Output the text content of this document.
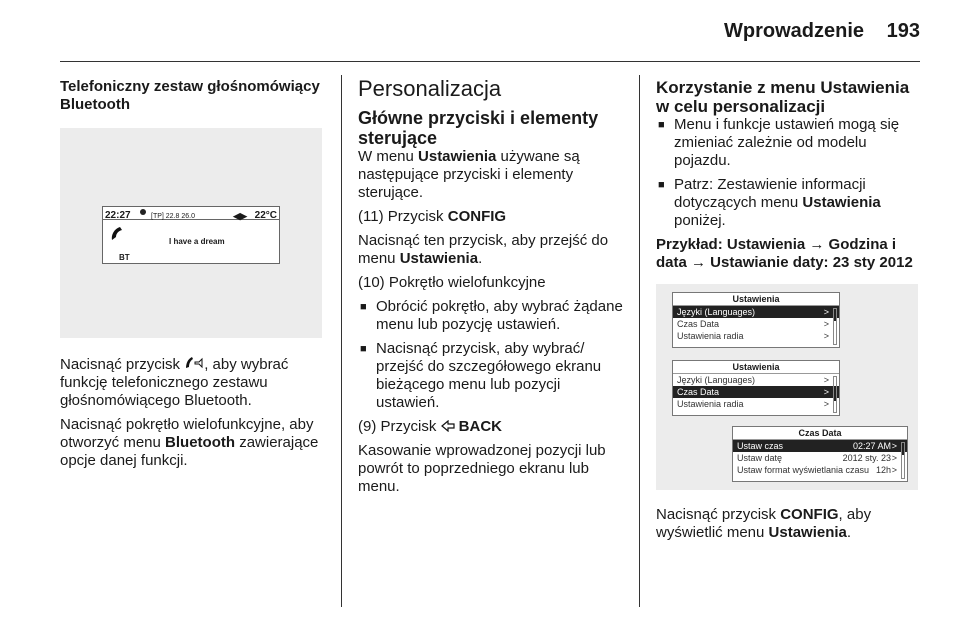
Wprowadzenie 193
Telefoniczny zestaw głośnomówiący Bluetooth
22:27	[TP] 22.8 26.0	◀▶ 22°C
BT
I have a dream

Nacisnąć przycisk , aby wybrać funkcję telefonicznego zestawu głośnomówiącego Bluetooth.

Nacisnąć pokrętło wielofunkcyjne, aby otworzyć menu Bluetooth zawierające opcje danej funkcji.

Personalizacja
Główne przyciski i elementy sterujące

W menu Ustawienia używane są następujące przyciski i elementy sterujące.

(11) Przycisk CONFIG

Nacisnąć ten przycisk, aby przejść do menu Ustawienia.

(10) Pokrętło wielofunkcyjne

■ Obrócić pokrętło, aby wybrać żądane menu lub pozycję ustawień.
■ Nacisnąć przycisk, aby wybrać/ przejść do szczegółowego ekranu bieżącego menu lub pozycji ustawień.

(9) Przycisk  BACK

Kasowanie wprowadzonej pozycji lub powrót to poprzedniego ekranu lub menu.

Korzystanie z menu Ustawienia w celu personalizacji
■ Menu i funkcje ustawień mogą się zmieniać zależnie od modelu pojazdu.
■ Patrz: Zestawienie informacji dotyczących menu Ustawienia poniżej.
Przykład: Ustawienia → Godzina i data → Ustawianie daty: 23 sty 2012
Ustawienia
Języki (Languages)	>
Czas Data	>
Ustawienia radia	>
Ustawienia
Języki (Languages)	>
Czas Data	>
Ustawienia radia	>
Czas Data
Ustaw czas	02:27 AM >
Ustaw datę	2012 sty. 23 >
Ustaw format wyświetlania czasu 12h >

Nacisnąć przycisk CONFIG, aby wyświetlić menu Ustawienia.
